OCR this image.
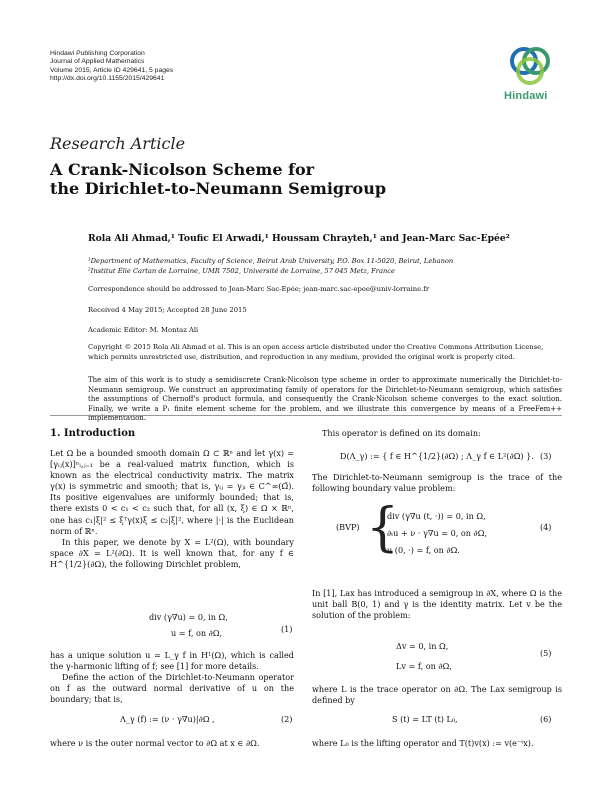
Hindawi Publishing Corporation
Journal of Applied Mathematics
Volume 2015, Article ID 429641, 5 pages
http://dx.doi.org/10.1155/2015/429641
Hindawi
Research Article
A Crank-Nicolson Scheme for
the Dirichlet-to-Neumann Semigroup
Rola Ali Ahmad,¹ Toufic El Arwadi,¹ Houssam Chrayteh,¹ and Jean-Marc Sac-Epée²
¹Department of Mathematics, Faculty of Science, Beirut Arab University, P.O. Box 11-5020, Beirut, Lebanon
²Institut Élie Cartan de Lorraine, UMR 7502, Université de Lorraine, 57 045 Metz, France
Correspondence should be addressed to Jean-Marc Sac-Epée; jean-marc.sac-epee@univ-lorraine.fr
Received 4 May 2015; Accepted 28 June 2015
Academic Editor: M. Montaz Ali
Copyright © 2015 Rola Ali Ahmad et al. This is an open access article distributed under the Creative Commons Attribution License,
which permits unrestricted use, distribution, and reproduction in any medium, provided the original work is properly cited.
The aim of this work is to study a semidiscrete Crank-Nicolson type scheme in order to approximate numerically the Dirichlet-to-Neumann semigroup. We construct an approximating family of operators for the Dirichlet-to-Neumann semigroup, which satisfies the assumptions of Chernoff's product formula, and consequently the Crank-Nicolson scheme converges to the exact solution. Finally, we write a P₁ finite element scheme for the problem, and we illustrate this convergence by means of a FreeFem++ implementation.
1. Introduction

Let Ω be a bounded smooth domain Ω ⊂ ℝⁿ and let γ(x) = [γᵢⱼ(x)]ⁿᵢ,ⱼ₌₁ be a real-valued matrix function, which is known as the electrical conductivity matrix. The matrix γ(x) is symmetric and smooth; that is, γᵢⱼ = γⱼᵢ ∈ C^∞(Ω̄). Its positive eigenvalues are uniformly bounded; that is, there exists 0 < c₁ < c₂ such that, for all (x, ξ) ∈ Ω × ℝⁿ, one has c₁|ξ|² ≤ ξᵀγ(x)ξ ≤ c₂|ξ|², where |·| is the Euclidean norm of ℝⁿ.

In this paper, we denote by X = L²(Ω), with boundary space ∂X = L²(∂Ω). It is well known that, for any f ∈ H^{1/2}(∂Ω), the following Dirichlet problem,

div (γ∇u) = 0, in Ω,
u = f, on ∂Ω,	(1)

has a unique solution u = L_γ f in H¹(Ω), which is called the γ-harmonic lifting of f; see [1] for more details.

Define the action of the Dirichlet-to-Neumann operator on f as the outward normal derivative of u on the boundary; that is,

Λ_γ (f) := (ν · γ∇u)|∂Ω ,	(2)
where ν is the outer normal vector to ∂Ω at x ∈ ∂Ω.
This operator is defined on its domain:
D(Λ_γ) := { f ∈ H^{1/2}(∂Ω) ; Λ_γ f ∈ L²(∂Ω) }. (3)
The Dirichlet-to-Neumann semigroup is the trace of the following boundary value problem:
(BVP) {
div (γ∇u (t, ·)) = 0, in Ω,
∂ₜu + ν · γ∇u = 0, on ∂Ω,
u (0, ·) = f, on ∂Ω.
(4)
In [1], Lax has introduced a semigroup in ∂X, where Ω is the unit ball B(0, 1) and γ is the identity matrix. Let v be the solution of the problem:
Δv = 0, in Ω,
Lv = f, on ∂Ω,
(5)
where L is the trace operator on ∂Ω. The Lax semigroup is defined by
S (t) = LT (t) L₀,	(6)
where L₀ is the lifting operator and T(t)v(x) := v(e⁻ᵗx).
